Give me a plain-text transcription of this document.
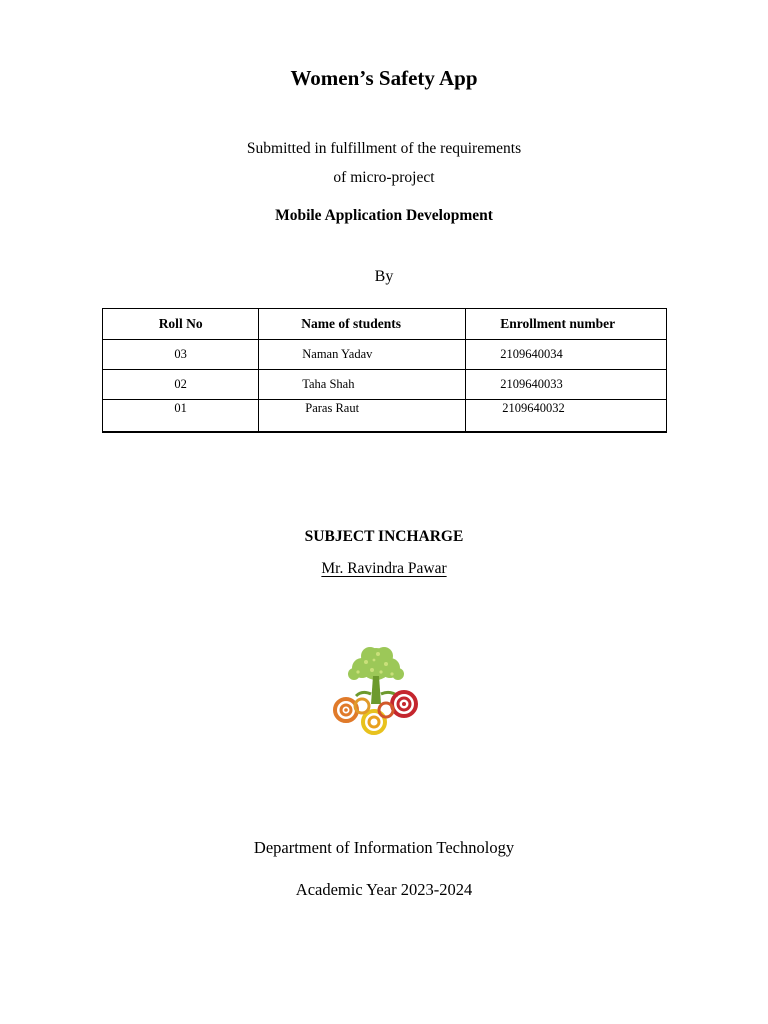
Women’s Safety App
Submitted in fulfillment of the requirements
of micro-project
Mobile Application Development
By
Roll No	Name of students	Enrollment number
03	Naman Yadav	2109640034
02	Taha Shah	2109640033
01	Paras Raut	2109640032
SUBJECT INCHARGE
Mr. Ravindra Pawar
Department of Information Technology
Academic Year 2023-2024
